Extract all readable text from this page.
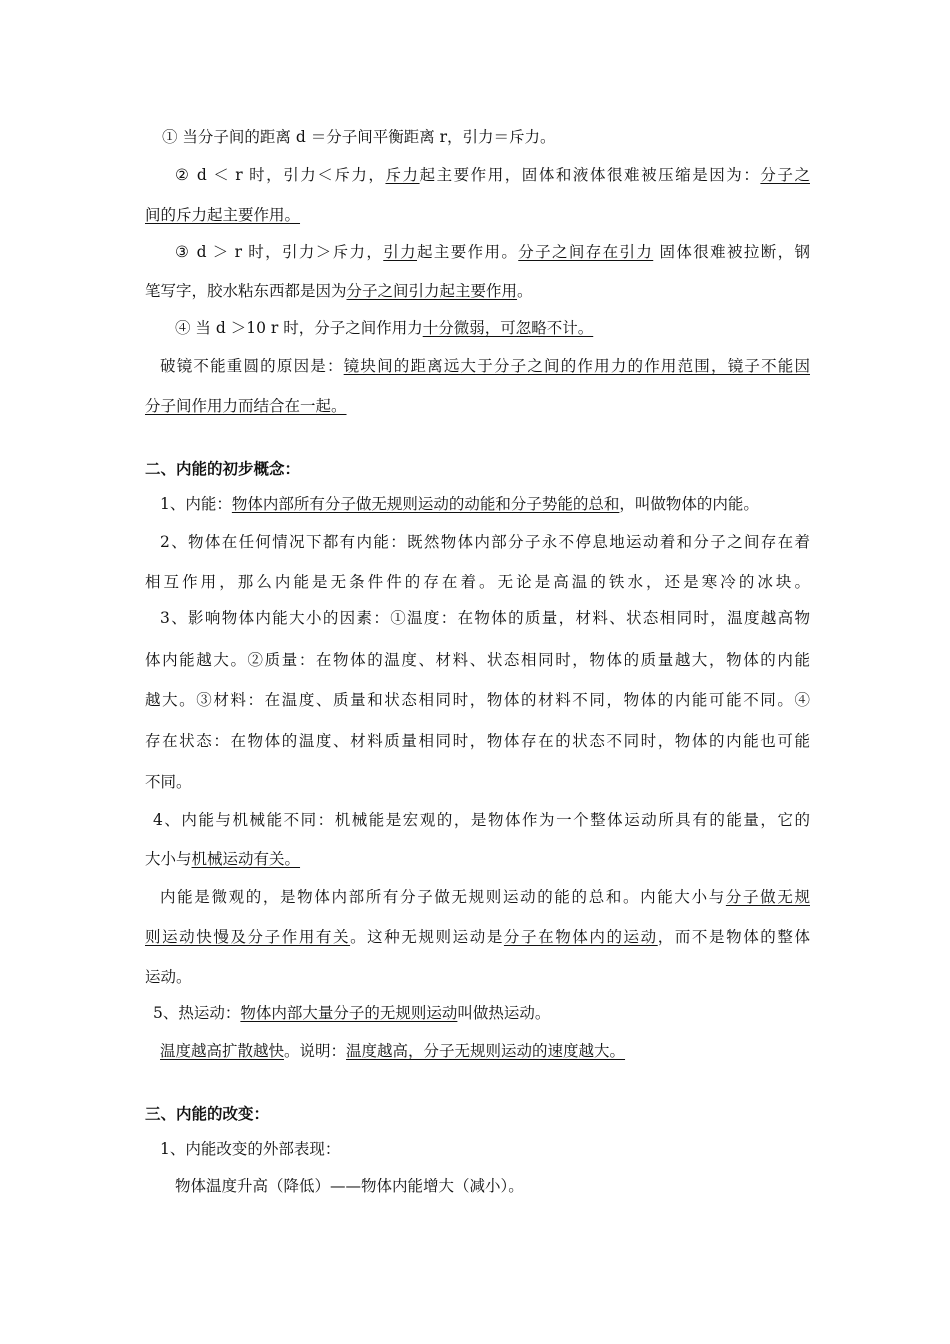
① 当分子间的距离 d ＝分子间平衡距离 r，引力＝斥力。
② d ＜ r 时，引力＜斥力，斥力起主要作用，固体和液体很难被压缩是因为：分子之
间的斥力起主要作用。
③ d ＞ r 时，引力＞斥力，引力起主要作用。分子之间存在引力 固体很难被拉断，钢
笔写字，胶水粘东西都是因为分子之间引力起主要作用。
④ 当 d ＞10 r 时，分子之间作用力十分微弱，可忽略不计。
破镜不能重圆的原因是：镜块间的距离远大于分子之间的作用力的作用范围，镜子不能因
分子间作用力而结合在一起。
二、内能的初步概念：
1、内能：物体内部所有分子做无规则运动的动能和分子势能的总和，叫做物体的内能。
2、物体在任何情况下都有内能：既然物体内部分子永不停息地运动着和分子之间存在着
相互作用，那么内能是无条件件的存在着。无论是高温的铁水，还是寒冷的冰块。
3、影响物体内能大小的因素：①温度：在物体的质量，材料、状态相同时，温度越高物
体内能越大。②质量：在物体的温度、材料、状态相同时，物体的质量越大，物体的内能
越大。③材料：在温度、质量和状态相同时，物体的材料不同，物体的内能可能不同。④
存在状态：在物体的温度、材料质量相同时，物体存在的状态不同时，物体的内能也可能
不同。
4、内能与机械能不同：机械能是宏观的，是物体作为一个整体运动所具有的能量，它的
大小与机械运动有关。
内能是微观的，是物体内部所有分子做无规则运动的能的总和。内能大小与分子做无规
则运动快慢及分子作用有关。这种无规则运动是分子在物体内的运动，而不是物体的整体
运动。
5、热运动：物体内部大量分子的无规则运动叫做热运动。
温度越高扩散越快。说明：温度越高，分子无规则运动的速度越大。
三、内能的改变：
1、内能改变的外部表现：
物体温度升高（降低）——物体内能增大（减小）。
